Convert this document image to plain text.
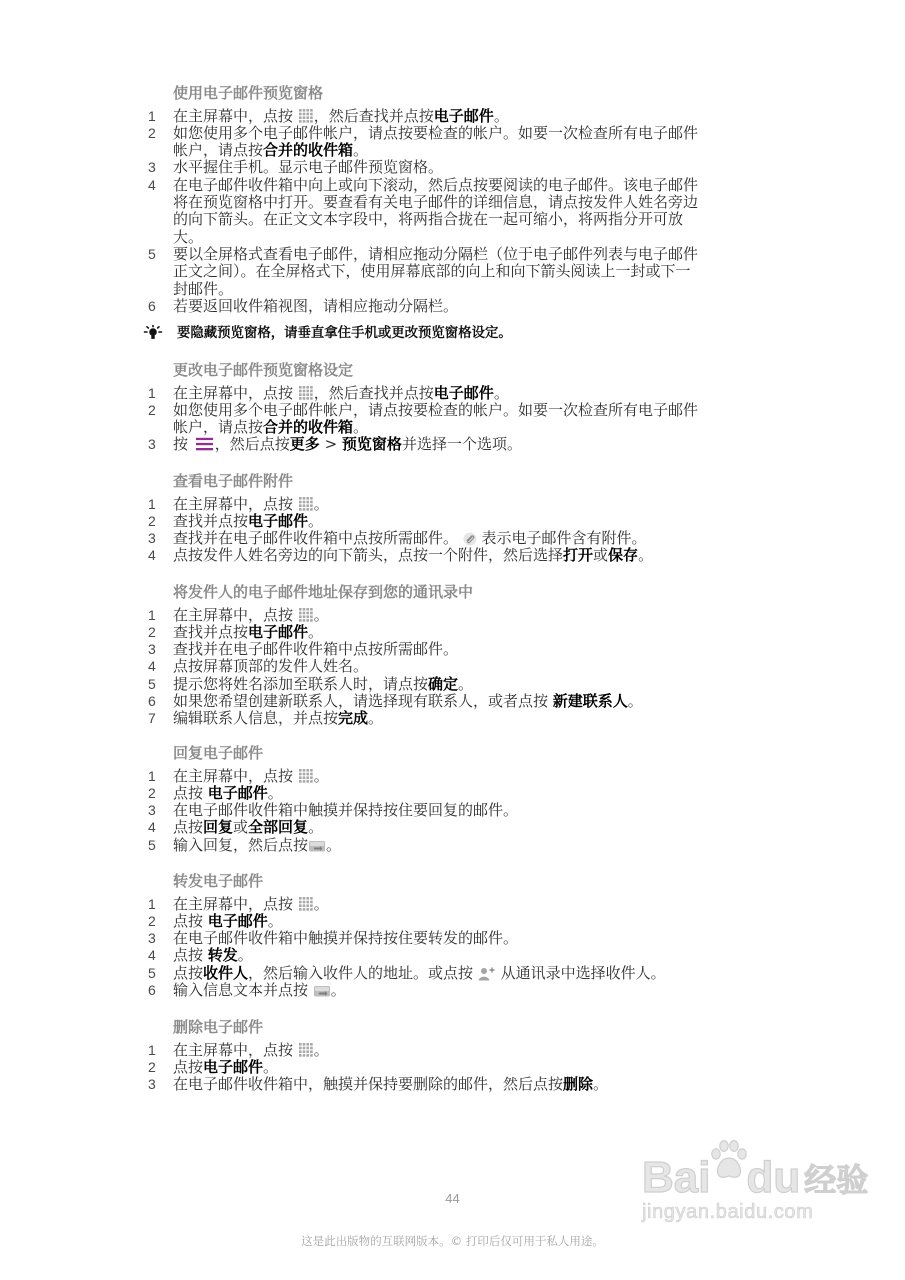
使用电子邮件预览窗格
1	在主屏幕中，点按
，然后查找并点按电子邮件。
2	如您使用多个电子邮件帐户，请点按要检查的帐户。如要一次检查所有电子邮件
帐户，请点按合并的收件箱。
3	水平握住手机。显示电子邮件预览窗格。
4	在电子邮件收件箱中向上或向下滚动，然后点按要阅读的电子邮件。该电子邮件
将在预览窗格中打开。要查看有关电子邮件的详细信息，请点按发件人姓名旁边
的向下箭头。在正文文本字段中，将两指合拢在一起可缩小，将两指分开可放
大。
5	要以全屏格式查看电子邮件，请相应拖动分隔栏（位于电子邮件列表与电子邮件
正文之间）。在全屏格式下，使用屏幕底部的向上和向下箭头阅读上一封或下一
封邮件。
6	若要返回收件箱视图，请相应拖动分隔栏。
要隐藏预览窗格，请垂直拿住手机或更改预览窗格设定。
更改电子邮件预览窗格设定
1	在主屏幕中，点按
，然后查找并点按电子邮件。
2	如您使用多个电子邮件帐户，请点按要检查的帐户。如要一次检查所有电子邮件
帐户，请点按合并的收件箱。
3	按
，然后点按更多 > 预览窗格并选择一个选项。
查看电子邮件附件
1	在主屏幕中，点按
。
2	查找并点按电子邮件。
3	查找并在电子邮件收件箱中点按所需邮件。
表示电子邮件含有附件。
4	点按发件人姓名旁边的向下箭头，点按一个附件，然后选择打开或保存。
将发件人的电子邮件地址保存到您的通讯录中
1	在主屏幕中，点按
。
2	查找并点按电子邮件。
3	查找并在电子邮件收件箱中点按所需邮件。
4	点按屏幕顶部的发件人姓名。
5	提示您将姓名添加至联系人时，请点按确定。
6	如果您希望创建新联系人，请选择现有联系人，或者点按 新建联系人。
7	编辑联系人信息，并点按完成。
回复电子邮件
1	在主屏幕中，点按
。
2	点按 电子邮件。
3	在电子邮件收件箱中触摸并保持按住要回复的邮件。
4	点按回复或全部回复。
5	输入回复，然后点按 。
转发电子邮件
1	在主屏幕中，点按
。
2	点按 电子邮件。
3	在电子邮件收件箱中触摸并保持按住要转发的邮件。
4	点按 转发。
5	点按收件人，然后输入收件人的地址。或点按
从通讯录中选择收件人。
6	输入信息文本并点按
。
删除电子邮件
1	在主屏幕中，点按
。
2	点按电子邮件。
3	在电子邮件收件箱中，触摸并保持要删除的邮件，然后点按删除。
44
这是此出版物的互联网版本。© 打印后仅可用于私人用途。
Bai du 经验
jingyan.baidu.com
